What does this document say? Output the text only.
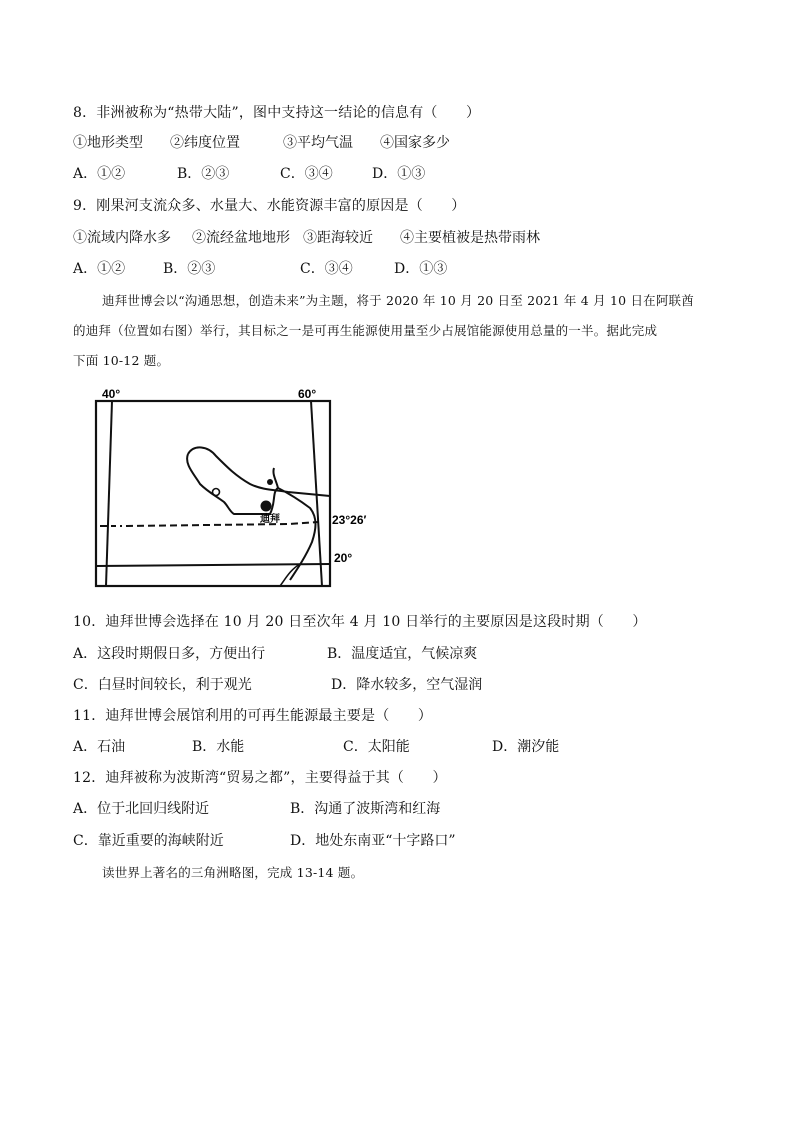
8．非洲被称为“热带大陆”，图中支持这一结论的信息有（　　）
①地形类型 ②纬度位置	③平均气温 ④国家多少
A．①②	B．②③	C．③④	D．①③
9．刚果河支流众多、水量大、水能资源丰富的原因是（　　）
①流域内降水多 ②流经盆地地形 ③距海较近 ④主要植被是热带雨林
A．①②	B．②③	C．③④	D．①③
迪拜世博会以“沟通思想，创造未来”为主题，将于 2020 年 10 月 20 日至 2021 年 4 月 10 日在阿联酋
的迪拜（位置如右图）举行，其目标之一是可再生能源使用量至少占展馆能源使用总量的一半。据此完成
下面 10-12 题。
40°	60°
23°26′
20°
迪拜
10．迪拜世博会选择在 10 月 20 日至次年 4 月 10 日举行的主要原因是这段时期（　　）
A．这段时期假日多，方便出行	B．温度适宜，气候凉爽
C．白昼时间较长，利于观光	D．降水较多，空气湿润
11．迪拜世博会展馆利用的可再生能源最主要是（　　）
A．石油	B．水能	C．太阳能	D．潮汐能
12．迪拜被称为波斯湾“贸易之都”，主要得益于其（　　）
A．位于北回归线附近	B．沟通了波斯湾和红海
C．靠近重要的海峡附近	D．地处东南亚“十字路口”
读世界上著名的三角洲略图，完成 13-14 题。
